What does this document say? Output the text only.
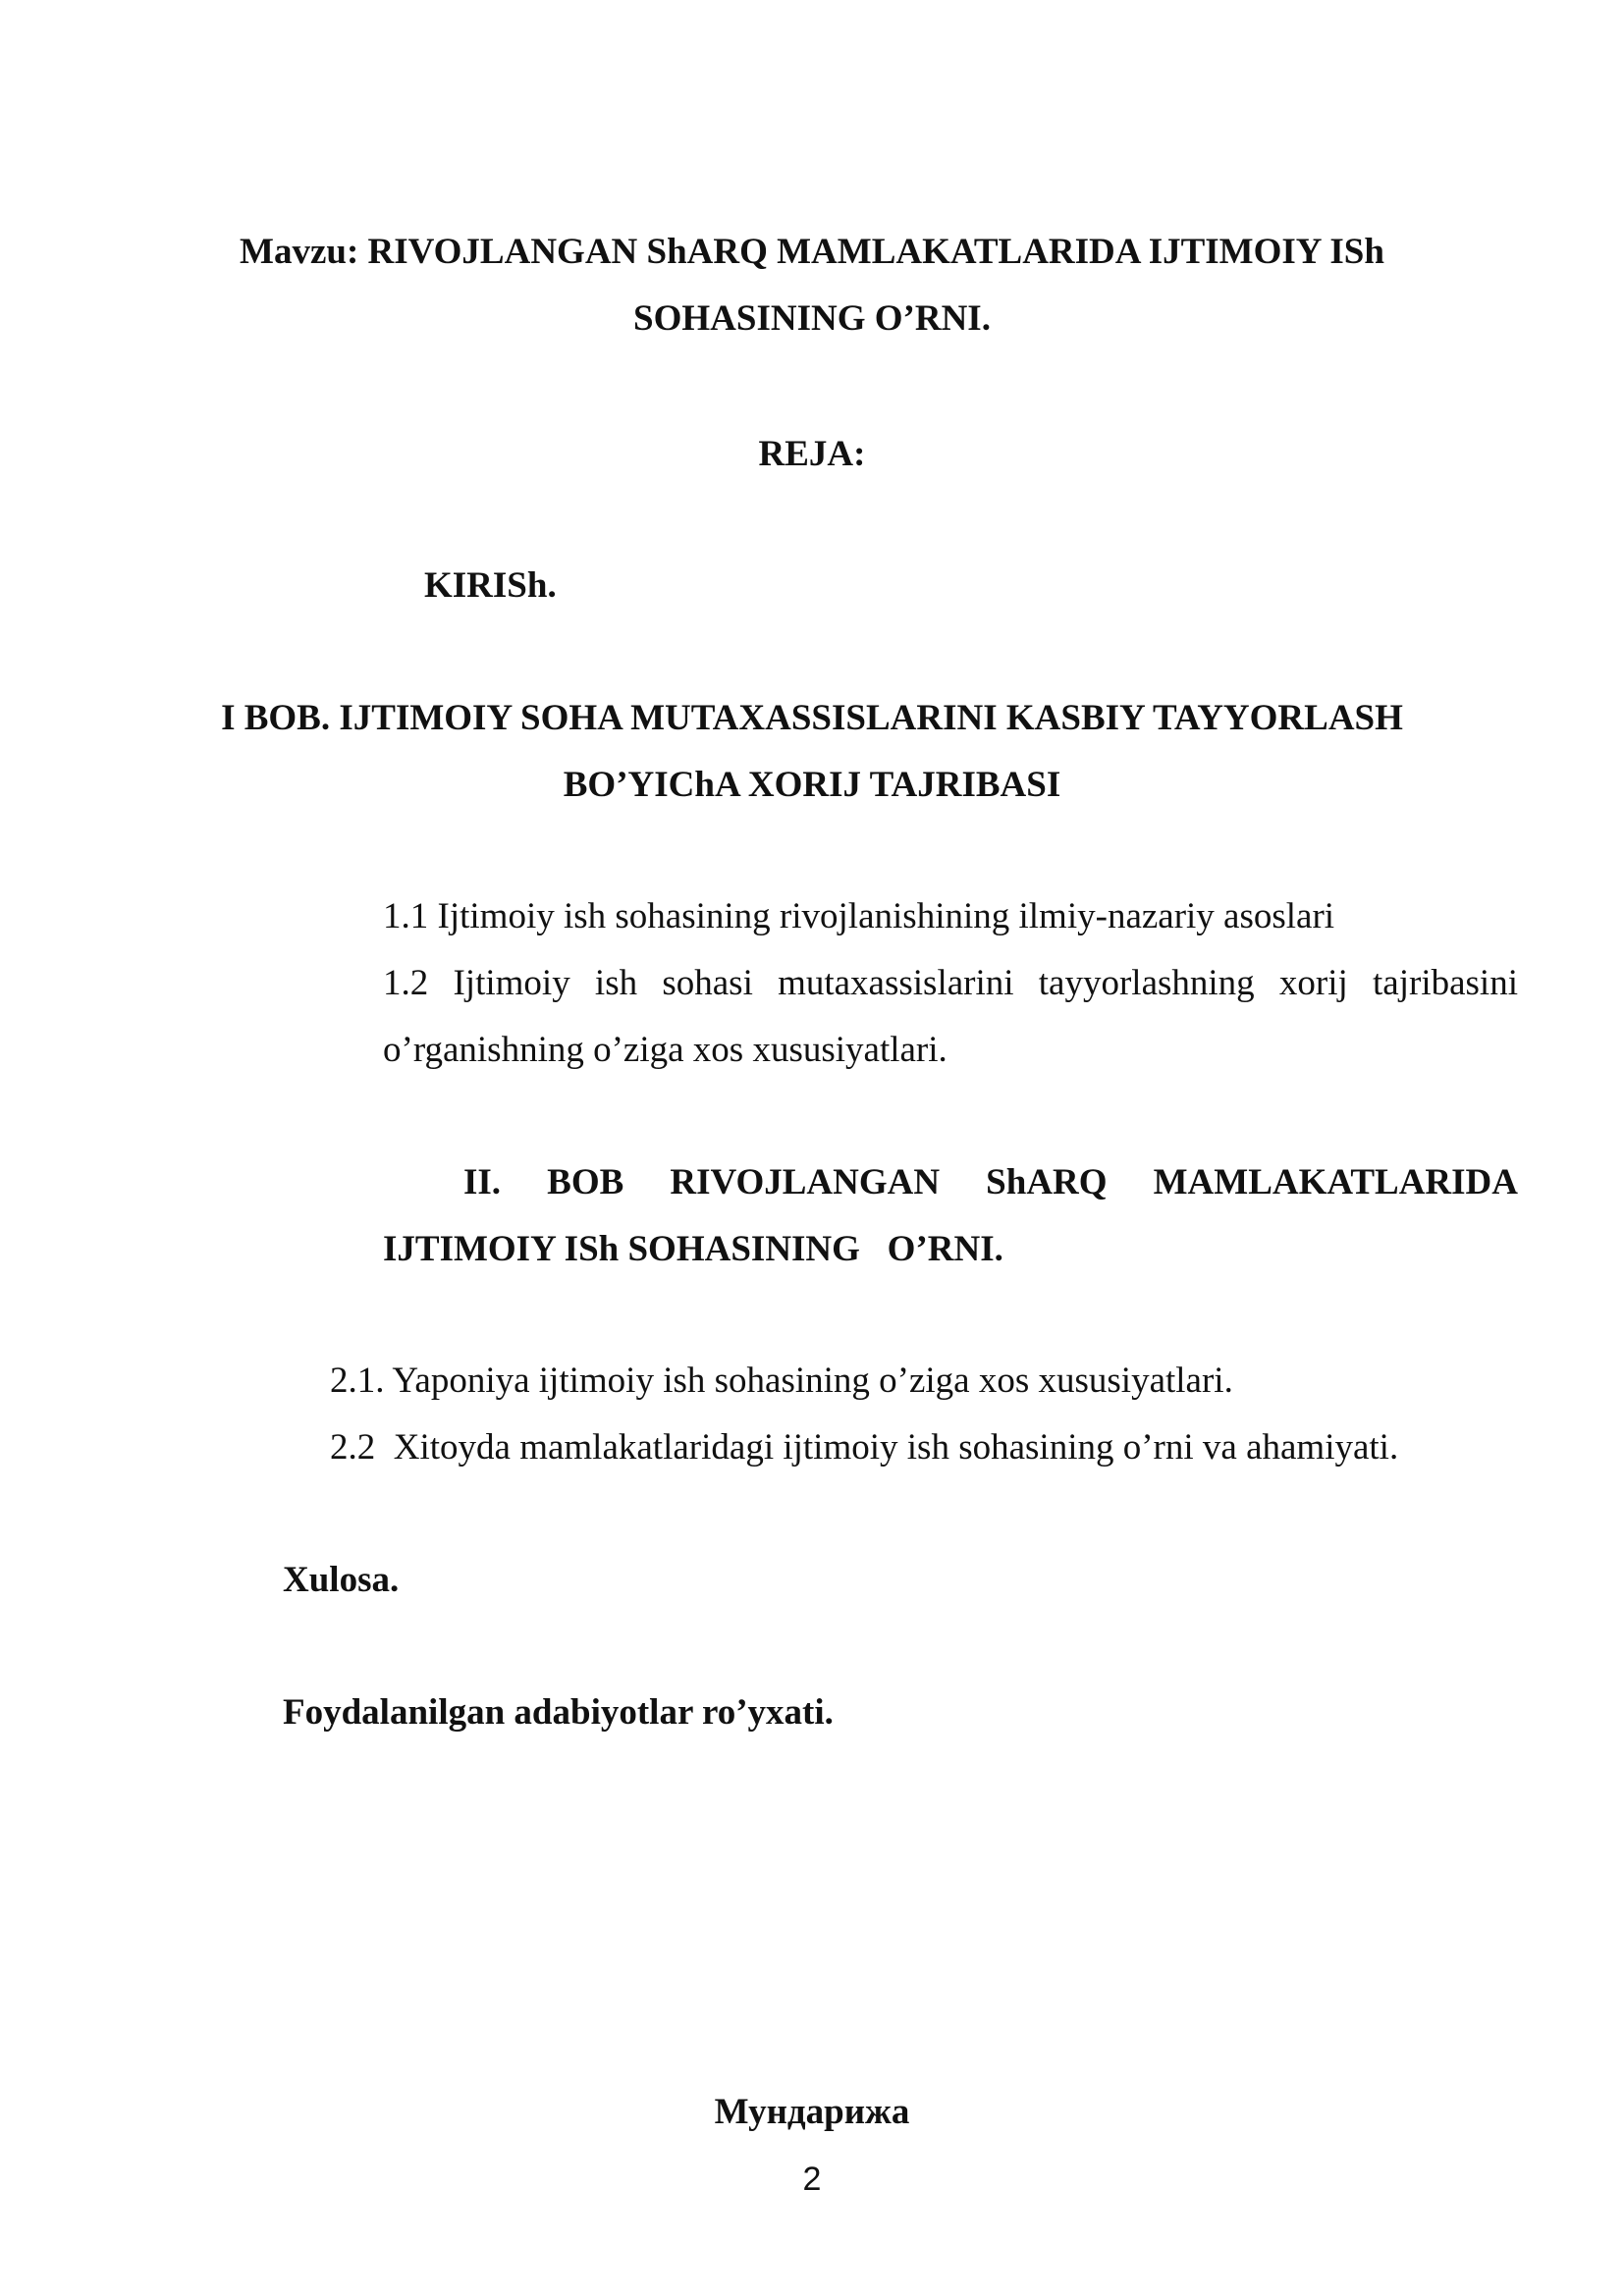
Mavzu: RIVOJLANGAN ShARQ MAMLAKATLARIDA IJTIMOIY ISh
SOHASINING O’RNI.
REJA:
KIRISh.
I BOB. IJTIMOIY SOHA MUTAXASSISLARINI KASBIY TAYYORLASH
BO’YIChA XORIJ TAJRIBASI
1.1 Ijtimoiy ish sohasining rivojlanishining ilmiy-nazariy asoslari
1.2 Ijtimoiy ish sohasi mutaxassislarini tayyorlashning xorij tajribasini
o’rganishning o’ziga xos xususiyatlari.
II. BOB RIVOJLANGAN ShARQ MAMLAKATLARIDA
IJTIMOIY ISh SOHASINING   O’RNI.
2.1. Yaponiya ijtimoiy ish sohasining o’ziga xos xususiyatlari.
2.2  Xitoyda mamlakatlaridagi ijtimoiy ish sohasining o’rni va ahamiyati.
Xulosa.
Foydalanilgan adabiyotlar ro’yxati.
Мундарижа
2
